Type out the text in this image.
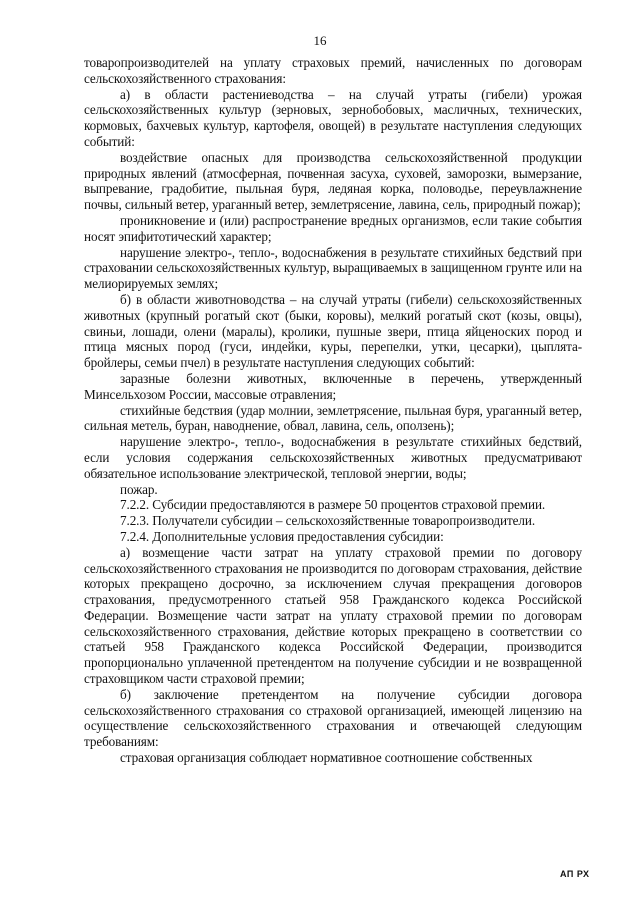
16

товаропроизводителей на уплату страховых премий, начисленных по договорам сельскохозяйственного страхования:

а) в области растениеводства – на случай утраты (гибели) урожая сельскохозяйственных культур (зерновых, зернобобовых, масличных, технических, кормовых, бахчевых культур, картофеля, овощей) в результате наступления следующих событий:

воздействие опасных для производства сельскохозяйственной продукции природных явлений (атмосферная, почвенная засуха, суховей, заморозки, вымерзание, выпревание, градобитие, пыльная буря, ледяная корка, половодье, переувлажнение почвы, сильный ветер, ураганный ветер, землетрясение, лавина, сель, природный пожар);

проникновение и (или) распространение вредных организмов, если такие события носят эпифитотический характер;

нарушение электро-, тепло-, водоснабжения в результате стихийных бедствий при страховании сельскохозяйственных культур, выращиваемых в защищенном грунте или на мелиорируемых землях;

б) в области животноводства – на случай утраты (гибели) сельскохозяйственных животных (крупный рогатый скот (быки, коровы), мелкий рогатый скот (козы, овцы), свиньи, лошади, олени (маралы), кролики, пушные звери, птица яйценоских пород и птица мясных пород (гуси, индейки, куры, перепелки, утки, цесарки), цыплята-бройлеры, семьи пчел) в результате наступления следующих событий:

заразные болезни животных, включенные в перечень, утвержденный Минсельхозом России, массовые отравления;

стихийные бедствия (удар молнии, землетрясение, пыльная буря, ураганный ветер, сильная метель, буран, наводнение, обвал, лавина, сель, оползень);

нарушение электро-, тепло-, водоснабжения в результате стихийных бедствий, если условия содержания сельскохозяйственных животных предусматривают обязательное использование электрической, тепловой энергии, воды;

пожар.

7.2.2. Субсидии предоставляются в размере 50 процентов страховой премии.

7.2.3. Получатели субсидии – сельскохозяйственные товаропроизводители.

7.2.4. Дополнительные условия предоставления субсидии:

а) возмещение части затрат на уплату страховой премии по договору сельскохозяйственного страхования не производится по договорам страхования, действие которых прекращено досрочно, за исключением случая прекращения договоров страхования, предусмотренного статьей 958 Гражданского кодекса Российской Федерации. Возмещение части затрат на уплату страховой премии по договорам сельскохозяйственного страхования, действие которых прекращено в соответствии со статьей 958 Гражданского кодекса Российской Федерации, производится пропорционально уплаченной претендентом на получение субсидии и не возвращенной страховщиком части страховой премии;

б) заключение претендентом на получение субсидии договора сельскохозяйственного страхования со страховой организацией, имеющей лицензию на осуществление сельскохозяйственного страхования и отвечающей следующим требованиям:

страховая организация соблюдает нормативное соотношение собственных

АП РХ
